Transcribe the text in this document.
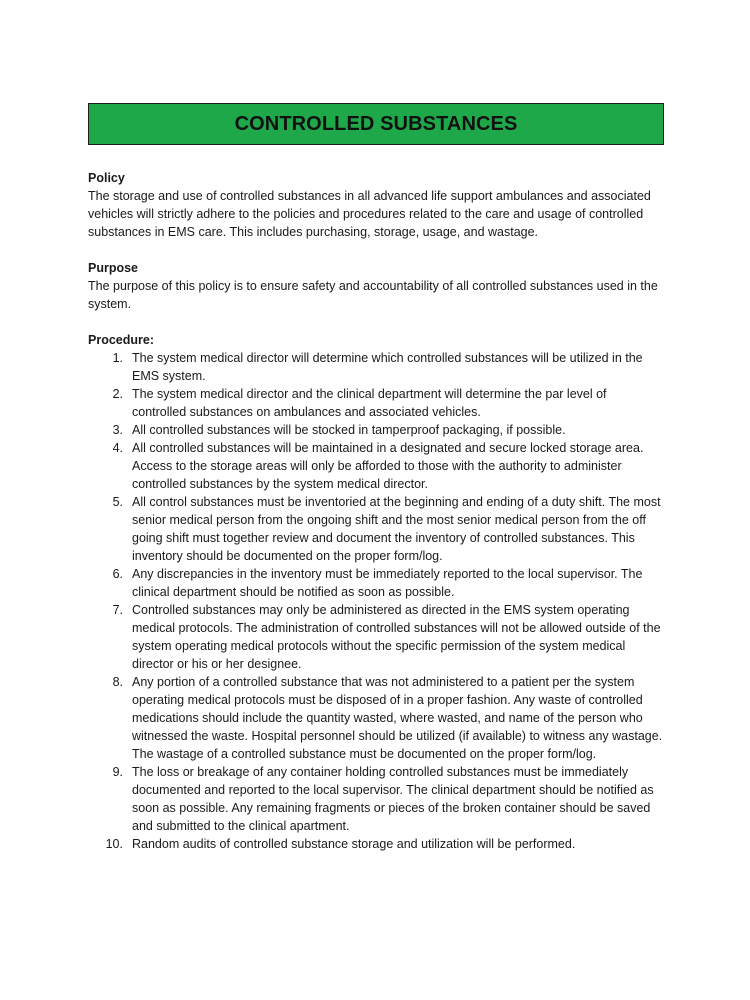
CONTROLLED SUBSTANCES
Policy
The storage and use of controlled substances in all advanced life support ambulances and associated vehicles will strictly adhere to the policies and procedures related to the care and usage of controlled substances in EMS care. This includes purchasing, storage, usage, and wastage.
Purpose
The purpose of this policy is to ensure safety and accountability of all controlled substances used in the system.
Procedure:
1. The system medical director will determine which controlled substances will be utilized in the EMS system.
2. The system medical director and the clinical department will determine the par level of controlled substances on ambulances and associated vehicles.
3. All controlled substances will be stocked in tamperproof packaging, if possible.
4. All controlled substances will be maintained in a designated and secure locked storage area. Access to the storage areas will only be afforded to those with the authority to administer controlled substances by the system medical director.
5. All control substances must be inventoried at the beginning and ending of a duty shift. The most senior medical person from the ongoing shift and the most senior medical person from the off going shift must together review and document the inventory of controlled substances. This inventory should be documented on the proper form/log.
6. Any discrepancies in the inventory must be immediately reported to the local supervisor. The clinical department should be notified as soon as possible.
7. Controlled substances may only be administered as directed in the EMS system operating medical protocols. The administration of controlled substances will not be allowed outside of the system operating medical protocols without the specific permission of the system medical director or his or her designee.
8. Any portion of a controlled substance that was not administered to a patient per the system operating medical protocols must be disposed of in a proper fashion. Any waste of controlled medications should include the quantity wasted, where wasted, and name of the person who witnessed the waste. Hospital personnel should be utilized (if available) to witness any wastage. The wastage of a controlled substance must be documented on the proper form/log.
9. The loss or breakage of any container holding controlled substances must be immediately documented and reported to the local supervisor. The clinical department should be notified as soon as possible. Any remaining fragments or pieces of the broken container should be saved and submitted to the clinical apartment.
10. Random audits of controlled substance storage and utilization will be performed.
